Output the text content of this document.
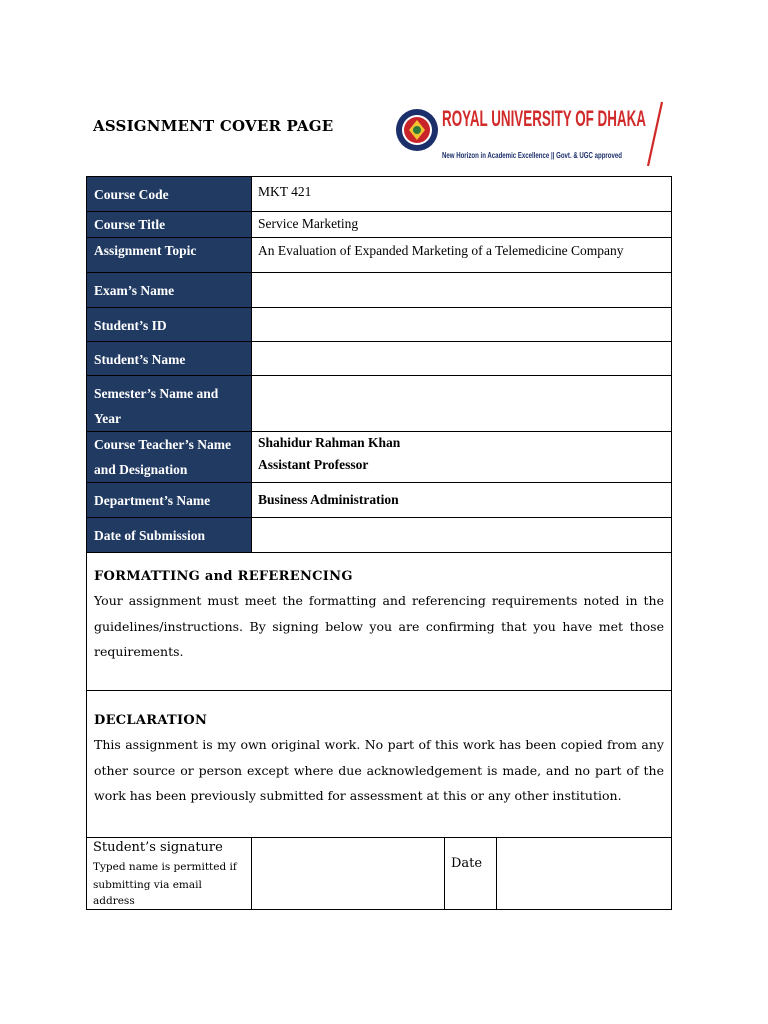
ASSIGNMENT COVER PAGE
ROYAL
ROYAL UNIVERSITY OF DHAKA
New Horizon in Academic Excellence || Govt. & UGC approved
Course Code	MKT 421
Course Title	Service Marketing
Assignment Topic	An Evaluation of Expanded Marketing of a Telemedicine Company
Exam’s Name	
Student’s ID	
Student’s Name	
Semester’s Name and Year	
Course Teacher’s Name and Designation	Shahidur Rahman Khan
Assistant Professor

Department’s Name	Business Administration
Date of Submission	
FORMATTING and REFERENCING

Your assignment must meet the formatting and referencing requirements noted in the guidelines/instructions. By signing below you are confirming that you have met those requirements.

DECLARATION

This assignment is my own original work. No part of this work has been copied from any other source or person except where due acknowledgement is made, and no part of the work has been previously submitted for assessment at this or any other institution.

Student’s signature
Typed name is permitted if
submitting via email address
		Date	
